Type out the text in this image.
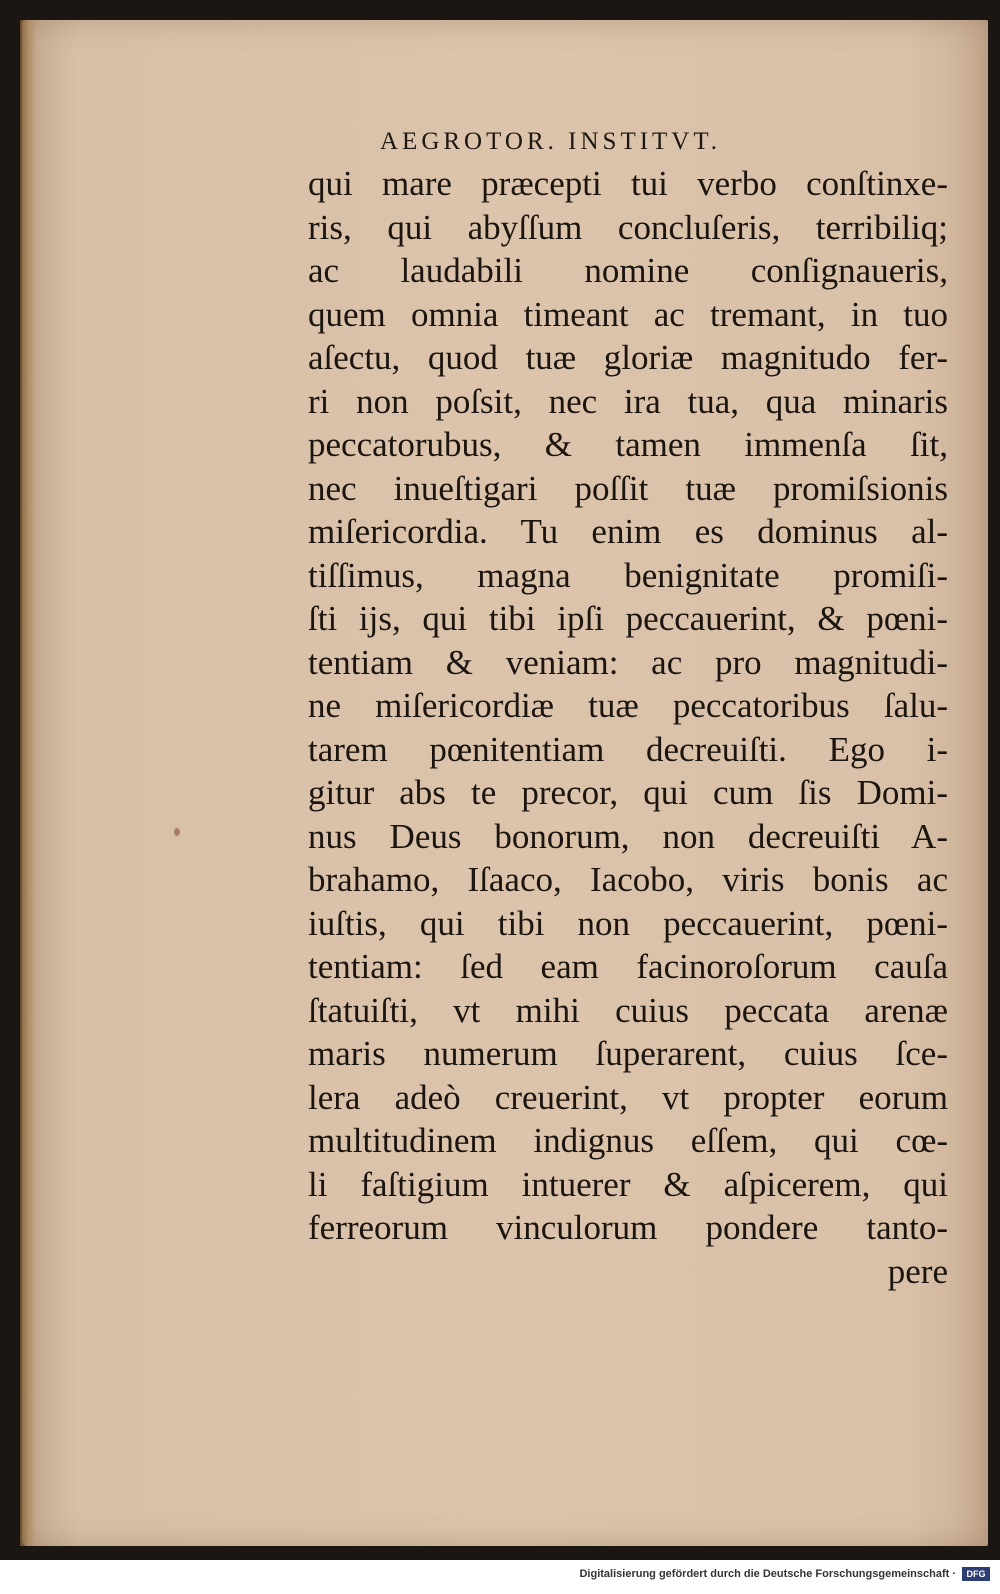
AEGROTOR. INSTITVT.
qui mare præcepti tui verbo conſtinxe-
ris, qui abyſſum concluſeris, terribiliq;
ac laudabili nomine conſignaueris,
quem omnia timeant ac tremant, in tuo
aſectu, quod tuæ gloriæ magnitudo fer-
ri non poſsit, nec ira tua, qua minaris
peccatorubus, & tamen immenſa ſit,
nec inueſtigari poſſit tuæ promiſsionis
miſericordia. Tu enim es dominus al-
tiſſimus, magna benignitate promiſi-
ſti ijs, qui tibi ipſi peccauerint, & pœni-
tentiam & veniam: ac pro magnitudi-
ne miſericordiæ tuæ peccatoribus ſalu-
tarem pœnitentiam decreuiſti. Ego i-
gitur abs te precor, qui cum ſis Domi-
nus Deus bonorum, non decreuiſti A-
brahamo, Iſaaco, Iacobo, viris bonis ac
iuſtis, qui tibi non peccauerint, pœni-
tentiam: ſed eam facinoroſorum cauſa
ſtatuiſti, vt mihi cuius peccata arenæ
maris numerum ſuperarent, cuius ſce-
lera adeò creuerint, vt propter eorum
multitudinem indignus eſſem, qui cœ-
li faſtigium intuerer & aſpicerem, qui
ferreorum vinculorum pondere tanto-
pere
Digitalisierung gefördert durch die Deutsche Forschungsgemeinschaft ·	DFG
